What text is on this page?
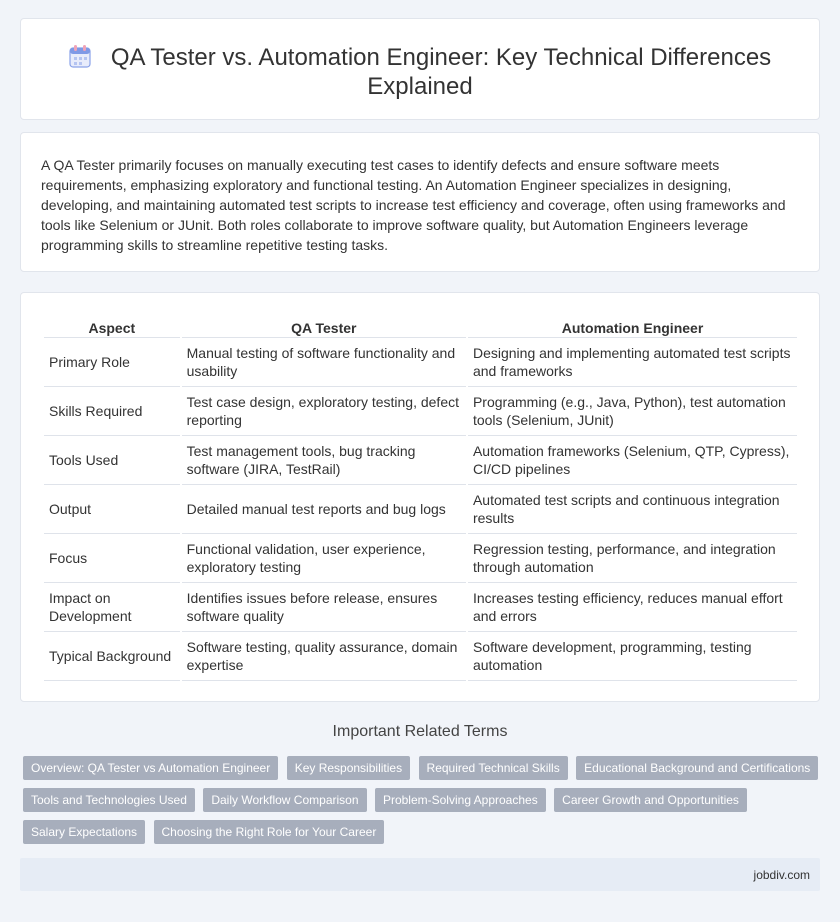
QA Tester vs. Automation Engineer: Key Technical Differences Explained

A QA Tester primarily focuses on manually executing test cases to identify defects and ensure software meets requirements, emphasizing exploratory and functional testing. An Automation Engineer specializes in designing, developing, and maintaining automated test scripts to increase test efficiency and coverage, often using frameworks and tools like Selenium or JUnit. Both roles collaborate to improve software quality, but Automation Engineers leverage programming skills to streamline repetitive testing tasks.

Aspect	QA Tester	Automation Engineer
Primary Role	Manual testing of software functionality and usability	Designing and implementing automated test scripts and frameworks
Skills Required	Test case design, exploratory testing, defect reporting	Programming (e.g., Java, Python), test automation tools (Selenium, JUnit)
Tools Used	Test management tools, bug tracking software (JIRA, TestRail)	Automation frameworks (Selenium, QTP, Cypress), CI/CD pipelines
Output	Detailed manual test reports and bug logs	Automated test scripts and continuous integration results
Focus	Functional validation, user experience, exploratory testing	Regression testing, performance, and integration through automation
Impact on Development	Identifies issues before release, ensures software quality	Increases testing efficiency, reduces manual effort and errors
Typical Background	Software testing, quality assurance, domain expertise	Software development, programming, testing automation
Important Related Terms
Overview: QA Tester vs Automation Engineer Key Responsibilities Required Technical Skills Educational Background and Certifications
Tools and Technologies Used Daily Workflow Comparison Problem-Solving Approaches Career Growth and Opportunities
Salary Expectations Choosing the Right Role for Your Career
jobdiv.com
